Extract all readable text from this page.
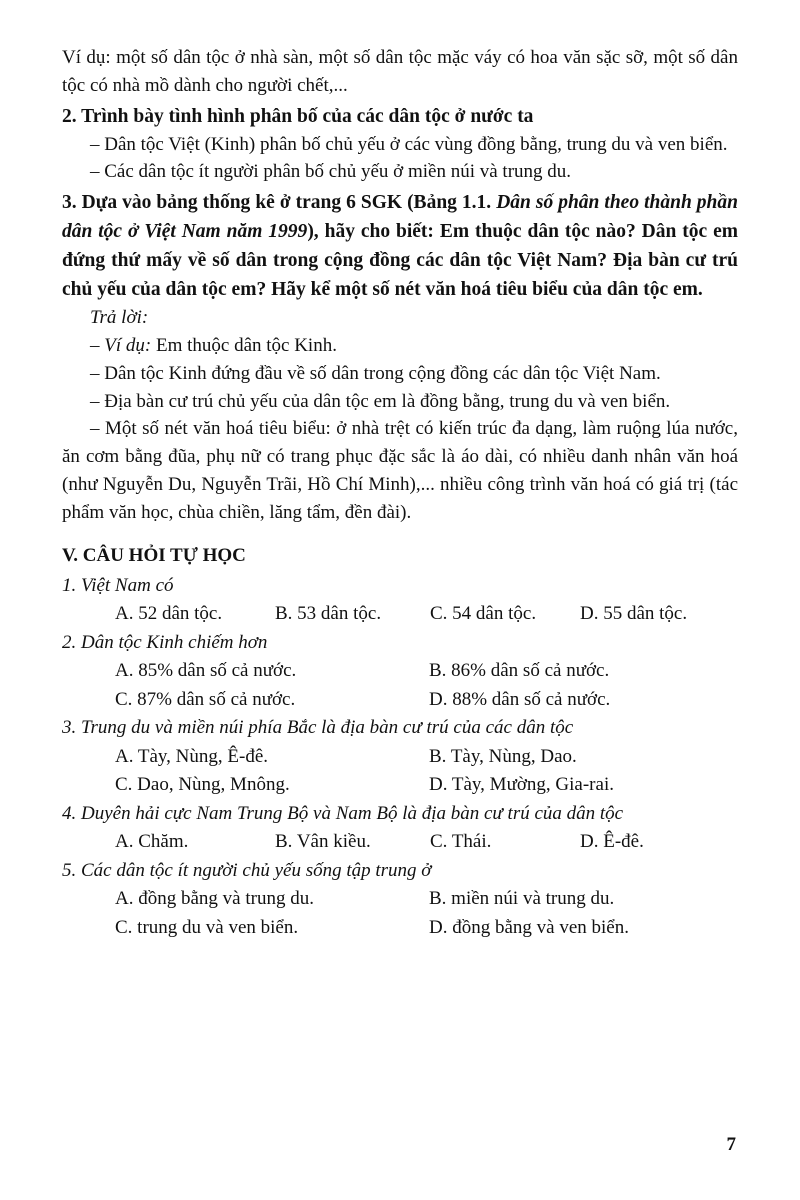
Ví dụ: một số dân tộc ở nhà sàn, một số dân tộc mặc váy có hoa văn sặc sỡ, một số dân tộc có nhà mồ dành cho người chết,...

2. Trình bày tình hình phân bố của các dân tộc ở nước ta

– Dân tộc Việt (Kinh) phân bố chủ yếu ở các vùng đồng bằng, trung du và ven biển.

– Các dân tộc ít người phân bố chủ yếu ở miền núi và trung du.

3. Dựa vào bảng thống kê ở trang 6 SGK (Bảng 1.1. Dân số phân theo thành phần dân tộc ở Việt Nam năm 1999), hãy cho biết: Em thuộc dân tộc nào? Dân tộc em đứng thứ mấy về số dân trong cộng đồng các dân tộc Việt Nam? Địa bàn cư trú chủ yếu của dân tộc em? Hãy kể một số nét văn hoá tiêu biểu của dân tộc em.

Trả lời:

– Ví dụ: Em thuộc dân tộc Kinh.

– Dân tộc Kinh đứng đầu về số dân trong cộng đồng các dân tộc Việt Nam.

– Địa bàn cư trú chủ yếu của dân tộc em là đồng bằng, trung du và ven biển.

– Một số nét văn hoá tiêu biểu: ở nhà trệt có kiến trúc đa dạng, làm ruộng lúa nước, ăn cơm bằng đũa, phụ nữ có trang phục đặc sắc là áo dài, có nhiều danh nhân văn hoá (như Nguyễn Du, Nguyễn Trãi, Hồ Chí Minh),... nhiều công trình văn hoá có giá trị (tác phẩm văn học, chùa chiền, lăng tẩm, đền đài).

V. CÂU HỎI TỰ HỌC

1. Việt Nam có

A. 52 dân tộc.	B. 53 dân tộc.	C. 54 dân tộc.	D. 55 dân tộc.

2. Dân tộc Kinh chiếm hơn

A. 85% dân số cả nước.	B. 86% dân số cả nước.
C. 87% dân số cả nước.	D. 88% dân số cả nước.

3. Trung du và miền núi phía Bắc là địa bàn cư trú của các dân tộc

A. Tày, Nùng, Ê-đê.	B. Tày, Nùng, Dao.
C. Dao, Nùng, Mnông.	D. Tày, Mường, Gia-rai.

4. Duyên hải cực Nam Trung Bộ và Nam Bộ là địa bàn cư trú của dân tộc

A. Chăm.	B. Vân kiều.	C. Thái.	D. Ê-đê.

5. Các dân tộc ít người chủ yếu sống tập trung ở

A. đồng bằng và trung du.	B. miền núi và trung du.
C. trung du và ven biển.	D. đồng bằng và ven biển.
7
